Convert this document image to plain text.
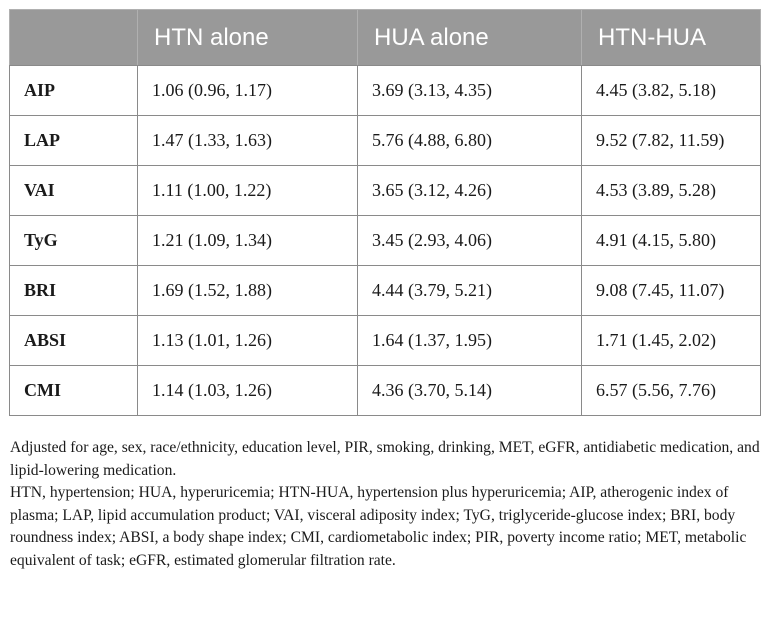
	HTN alone	HUA alone	HTN-HUA
AIP	1.06 (0.96, 1.17)	3.69 (3.13, 4.35)	4.45 (3.82, 5.18)
LAP	1.47 (1.33, 1.63)	5.76 (4.88, 6.80)	9.52 (7.82, 11.59)
VAI	1.11 (1.00, 1.22)	3.65 (3.12, 4.26)	4.53 (3.89, 5.28)
TyG	1.21 (1.09, 1.34)	3.45 (2.93, 4.06)	4.91 (4.15, 5.80)
BRI	1.69 (1.52, 1.88)	4.44 (3.79, 5.21)	9.08 (7.45, 11.07)
ABSI	1.13 (1.01, 1.26)	1.64 (1.37, 1.95)	1.71 (1.45, 2.02)
CMI	1.14 (1.03, 1.26)	4.36 (3.70, 5.14)	6.57 (5.56, 7.76)

Adjusted for age, sex, race/ethnicity, education level, PIR, smoking, drinking, MET, eGFR, antidiabetic medication, and lipid-lowering medication.

HTN, hypertension; HUA, hyperuricemia; HTN-HUA, hypertension plus hyperuricemia; AIP, atherogenic index of plasma; LAP, lipid accumulation product; VAI, visceral adiposity index; TyG, triglyceride-glucose index; BRI, body roundness index; ABSI, a body shape index; CMI, cardiometabolic index; PIR, poverty income ratio; MET, metabolic equivalent of task; eGFR, estimated glomerular filtration rate.
